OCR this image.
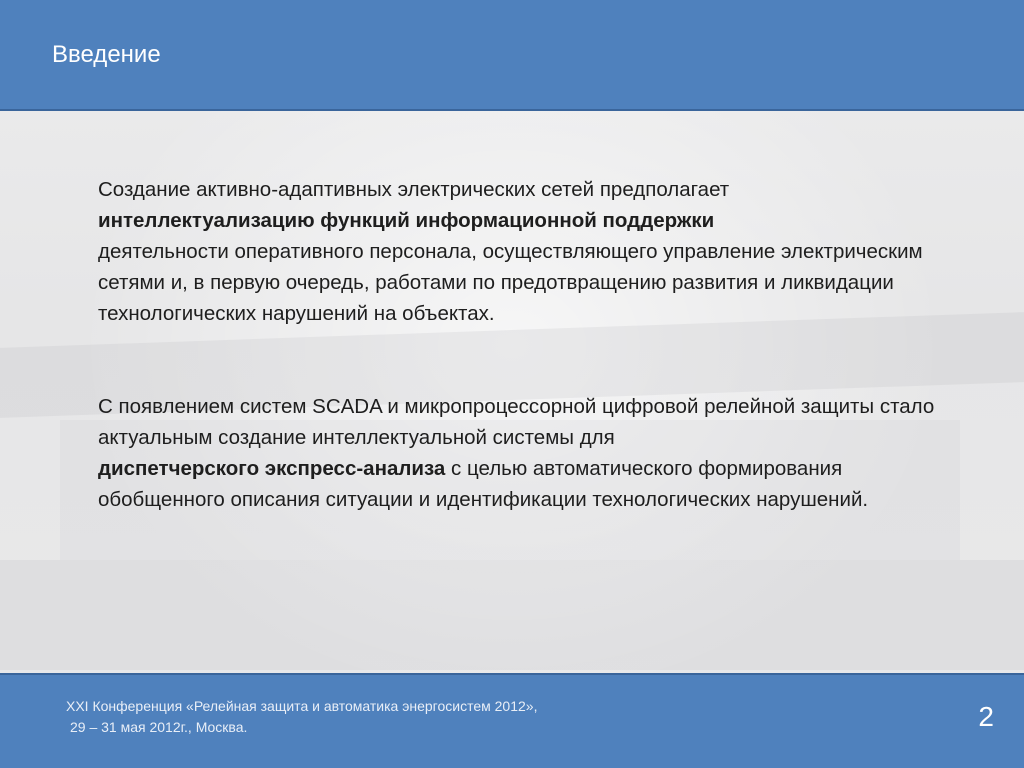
Введение

Создание активно-адаптивных электрических сетей предполагает
интеллектуализацию функций информационной поддержки
деятельности оперативного персонала, осуществляющего управление электрическим сетями и, в первую очередь, работами по предотвращению развития и ликвидации технологических нарушений на объектах.

С появлением систем SCADA и микропроцессорной цифровой релейной защиты стало актуальным создание интеллектуальной системы для
диспетчерского экспресс-анализа с целью автоматического формирования обобщенного описания ситуации и идентификации технологических нарушений.

XXI Конференция «Релейная защита и автоматика энергосистем 2012»,
29 – 31 мая 2012г., Москва.	2
